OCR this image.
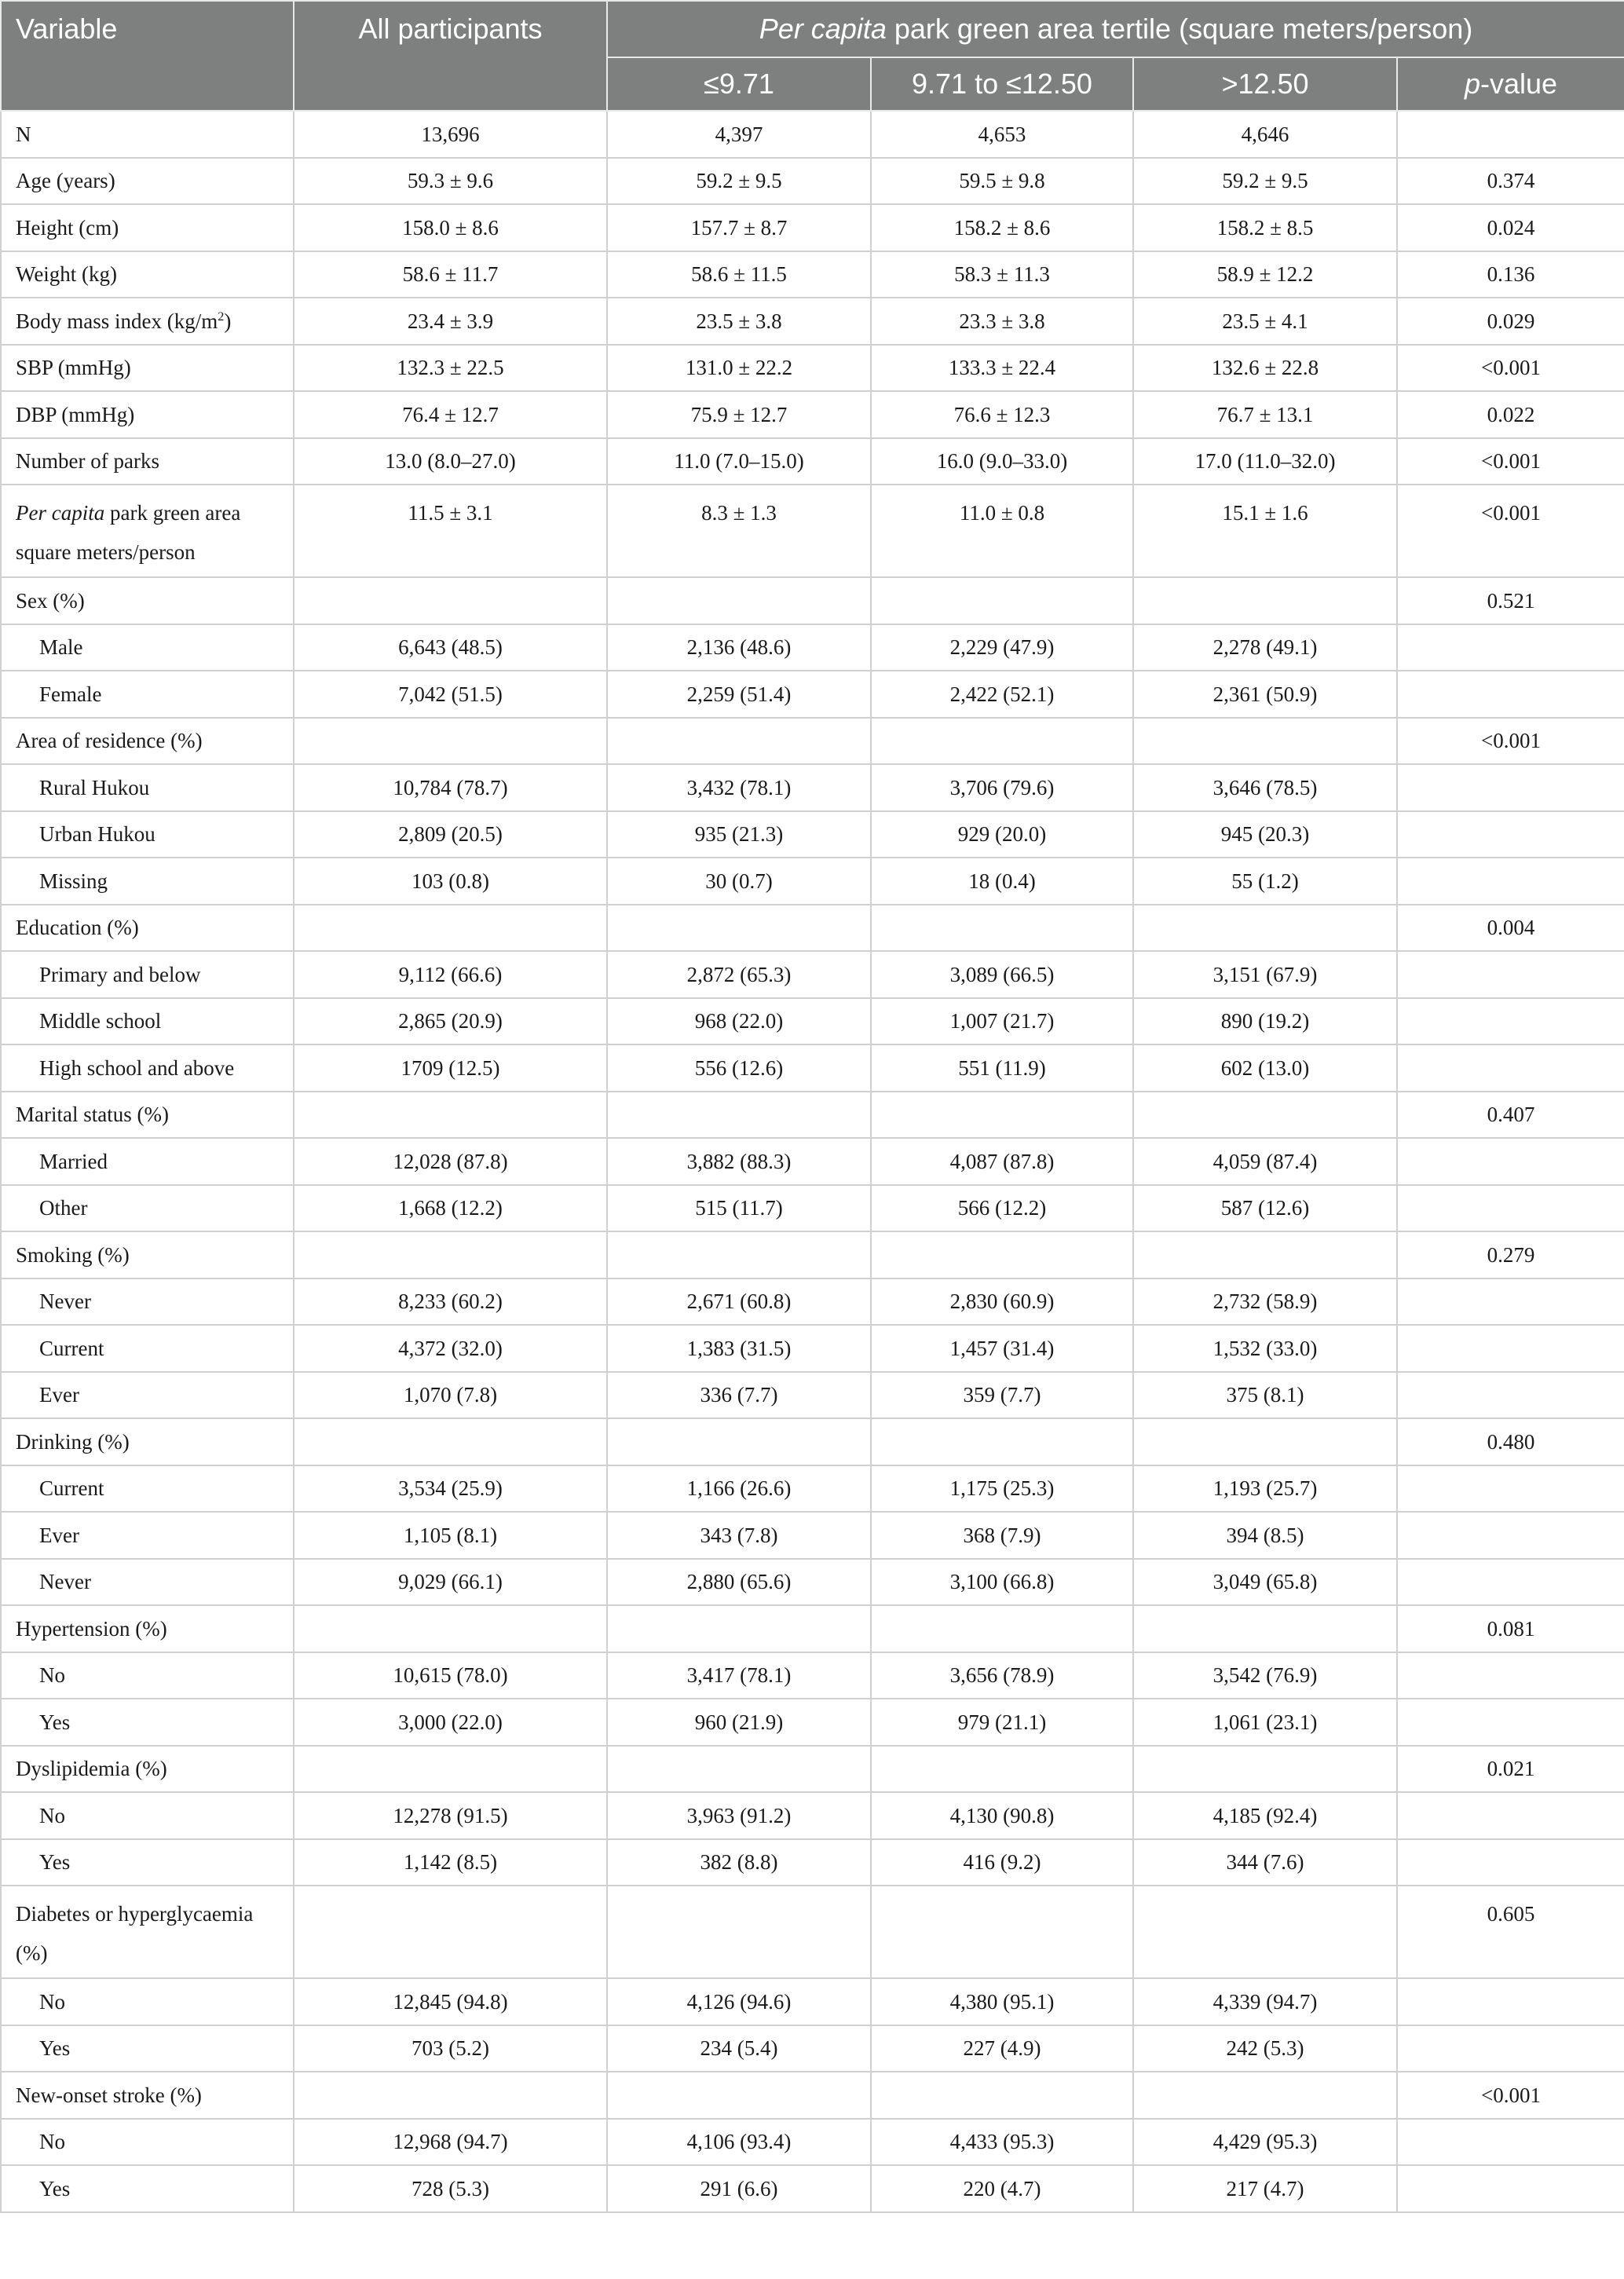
Variable	All participants	Per capita park green area tertile (square meters/person)			
		≤9.71	9.71 to ≤12.50	>12.50	p-value
N	13,696	4,397	4,653	4,646	
Age (years)	59.3 ± 9.6	59.2 ± 9.5	59.5 ± 9.8	59.2 ± 9.5	0.374
Height (cm)	158.0 ± 8.6	157.7 ± 8.7	158.2 ± 8.6	158.2 ± 8.5	0.024
Weight (kg)	58.6 ± 11.7	58.6 ± 11.5	58.3 ± 11.3	58.9 ± 12.2	0.136
Body mass index $(kg/m^2)$	23.4 ± 3.9	23.5 ± 3.8	23.3 ± 3.8	23.5 ± 4.1	0.029
SBP (mmHg)	132.3 ± 22.5	131.0 ± 22.2	133.3 ± 22.4	132.6 ± 22.8	<0.001
DBP (mmHg)	76.4 ± 12.7	75.9 ± 12.7	76.6 ± 12.3	76.7 ± 13.1	0.022
Number of parks	13.0 (8.0–27.0)	11.0 (7.0–15.0)	16.0 (9.0–33.0)	17.0 (11.0–32.0)	<0.001
Per capita park green area square meters/person	11.5 ± 3.1	8.3 ± 1.3	11.0 ± 0.8	15.1 ± 1.6	<0.001
Sex (%)					0.521
Male	6,643 (48.5)	2,136 (48.6)	2,229 (47.9)	2,278 (49.1)	
Female	7,042 (51.5)	2,259 (51.4)	2,422 (52.1)	2,361 (50.9)	
Area of residence (%)					<0.001
Rural Hukou	10,784 (78.7)	3,432 (78.1)	3,706 (79.6)	3,646 (78.5)	
Urban Hukou	2,809 (20.5)	935 (21.3)	929 (20.0)	945 (20.3)	
Missing	103 (0.8)	30 (0.7)	18 (0.4)	55 (1.2)	
Education (%)					0.004
Primary and below	9,112 (66.6)	2,872 (65.3)	3,089 (66.5)	3,151 (67.9)	
Middle school	2,865 (20.9)	968 (22.0)	1,007 (21.7)	890 (19.2)	
High school and above	1709 (12.5)	556 (12.6)	551 (11.9)	602 (13.0)	
Marital status (%)					0.407
Married	12,028 (87.8)	3,882 (88.3)	4,087 (87.8)	4,059 (87.4)	
Other	1,668 (12.2)	515 (11.7)	566 (12.2)	587 (12.6)	
Smoking (%)					0.279
Never	8,233 (60.2)	2,671 (60.8)	2,830 (60.9)	2,732 (58.9)	
Current	4,372 (32.0)	1,383 (31.5)	1,457 (31.4)	1,532 (33.0)	
Ever	1,070 (7.8)	336 (7.7)	359 (7.7)	375 (8.1)	
Drinking (%)					0.480
Current	3,534 (25.9)	1,166 (26.6)	1,175 (25.3)	1,193 (25.7)	
Ever	1,105 (8.1)	343 (7.8)	368 (7.9)	394 (8.5)	
Never	9,029 (66.1)	2,880 (65.6)	3,100 (66.8)	3,049 (65.8)	
Hypertension (%)					0.081
No	10,615 (78.0)	3,417 (78.1)	3,656 (78.9)	3,542 (76.9)	
Yes	3,000 (22.0)	960 (21.9)	979 (21.1)	1,061 (23.1)	
Dyslipidemia (%)					0.021
No	12,278 (91.5)	3,963 (91.2)	4,130 (90.8)	4,185 (92.4)	
Yes	1,142 (8.5)	382 (8.8)	416 (9.2)	344 (7.6)	
Diabetes or hyperglycaemia (%)					0.605
No	12,845 (94.8)	4,126 (94.6)	4,380 (95.1)	4,339 (94.7)	
Yes	703 (5.2)	234 (5.4)	227 (4.9)	242 (5.3)	
New-onset stroke (%)					<0.001
No	12,968 (94.7)	4,106 (93.4)	4,433 (95.3)	4,429 (95.3)	
Yes	728 (5.3)	291 (6.6)	220 (4.7)	217 (4.7)	
